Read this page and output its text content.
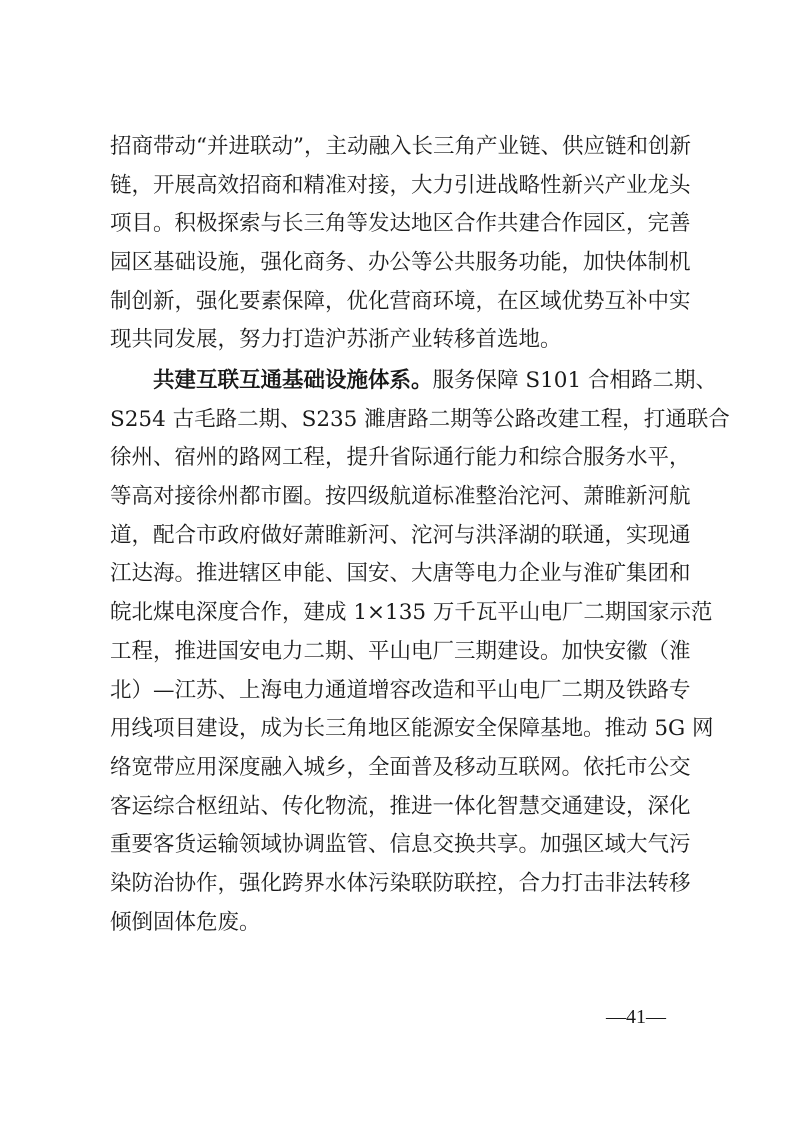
招商带动“并进联动”，主动融入长三角产业链、供应链和创新
链，开展高效招商和精准对接，大力引进战略性新兴产业龙头
项目。积极探索与长三角等发达地区合作共建合作园区，完善
园区基础设施，强化商务、办公等公共服务功能，加快体制机
制创新，强化要素保障，优化营商环境，在区域优势互补中实
现共同发展，努力打造沪苏浙产业转移首选地。
　　共建互联互通基础设施体系。服务保障 S101 合相路二期、
S254 古毛路二期、S235 濉唐路二期等公路改建工程，打通联合
徐州、宿州的路网工程，提升省际通行能力和综合服务水平，
等高对接徐州都市圈。按四级航道标准整治沱河、萧睢新河航
道，配合市政府做好萧睢新河、沱河与洪泽湖的联通，实现通
江达海。推进辖区申能、国安、大唐等电力企业与淮矿集团和
皖北煤电深度合作，建成 1×135 万千瓦平山电厂二期国家示范
工程，推进国安电力二期、平山电厂三期建设。加快安徽（淮
北）—江苏、上海电力通道增容改造和平山电厂二期及铁路专
用线项目建设，成为长三角地区能源安全保障基地。推动 5G 网
络宽带应用深度融入城乡，全面普及移动互联网。依托市公交
客运综合枢纽站、传化物流，推进一体化智慧交通建设，深化
重要客货运输领域协调监管、信息交换共享。加强区域大气污
染防治协作，强化跨界水体污染联防联控，合力打击非法转移
倾倒固体危废。
—41—
